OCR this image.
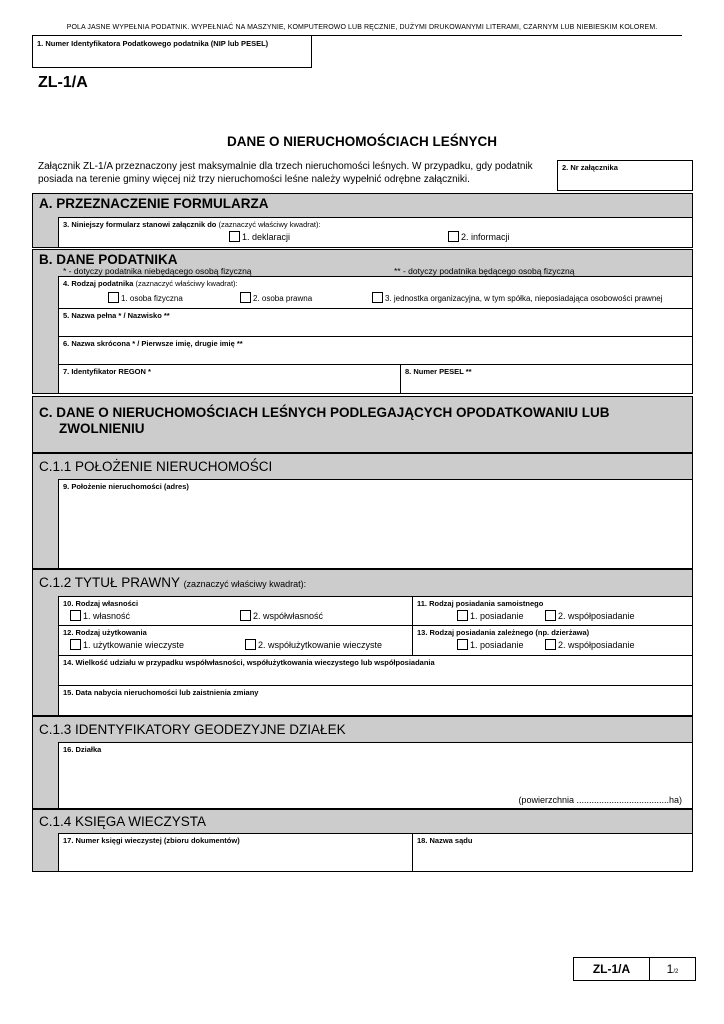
POLA JASNE WYPEŁNIA PODATNIK. WYPEŁNIAĆ NA MASZYNIE, KOMPUTEROWO LUB RĘCZNIE, DUŻYMI DRUKOWANYMI LITERAMI, CZARNYM LUB NIEBIESKIM KOLOREM.
1. Numer Identyfikatora Podatkowego podatnika (NIP lub PESEL)
ZL-1/A
DANE O NIERUCHOMOŚCIACH LEŚNYCH
Załącznik ZL-1/A przeznaczony jest maksymalnie dla trzech nieruchomości leśnych. W przypadku, gdy podatnik posiada na terenie gminy więcej niż trzy nieruchomości leśne należy wypełnić odrębne załączniki.
2. Nr załącznika
A. PRZEZNACZENIE FORMULARZA
3. Niniejszy formularz stanowi załącznik do (zaznaczyć właściwy kwadrat):
1. deklaracji	2. informacji
B. DANE PODATNIKA
* - dotyczy podatnika niebędącego osobą fizyczną	** - dotyczy podatnika będącego osobą fizyczną
4. Rodzaj podatnika (zaznaczyć właściwy kwadrat):
1. osoba fizyczna	2. osoba prawna	3. jednostka organizacyjna, w tym spółka, nieposiadająca osobowości prawnej
5. Nazwa pełna * / Nazwisko **
6. Nazwa skrócona * / Pierwsze imię, drugie imię **
7. Identyfikator REGON *	8. Numer PESEL **
C. DANE O NIERUCHOMOŚCIACH LEŚNYCH PODLEGAJĄCYCH OPODATKOWANIU LUB
ZWOLNIENIU
C.1.1 POŁOŻENIE NIERUCHOMOŚCI
9. Położenie nieruchomości (adres)
C.1.2 TYTUŁ PRAWNY (zaznaczyć właściwy kwadrat):
10. Rodzaj własności	11. Rodzaj posiadania samoistnego
1. własność	2. współwłasność	1. posiadanie	2. współposiadanie
12. Rodzaj użytkowania	13. Rodzaj posiadania zależnego (np. dzierżawa)
1. użytkowanie wieczyste	2. współużytkowanie wieczyste	1. posiadanie	2. współposiadanie
14. Wielkość udziału w przypadku współwłasności, współużytkowania wieczystego lub współposiadania
15. Data nabycia nieruchomości lub zaistnienia zmiany
C.1.3 IDENTYFIKATORY GEODEZYJNE DZIAŁEK
16. Działka
(powierzchnia .....................................ha)
C.1.4 KSIĘGA WIECZYSTA
17. Numer księgi wieczystej (zbioru dokumentów)	18. Nazwa sądu
ZL-1/A	1/2
